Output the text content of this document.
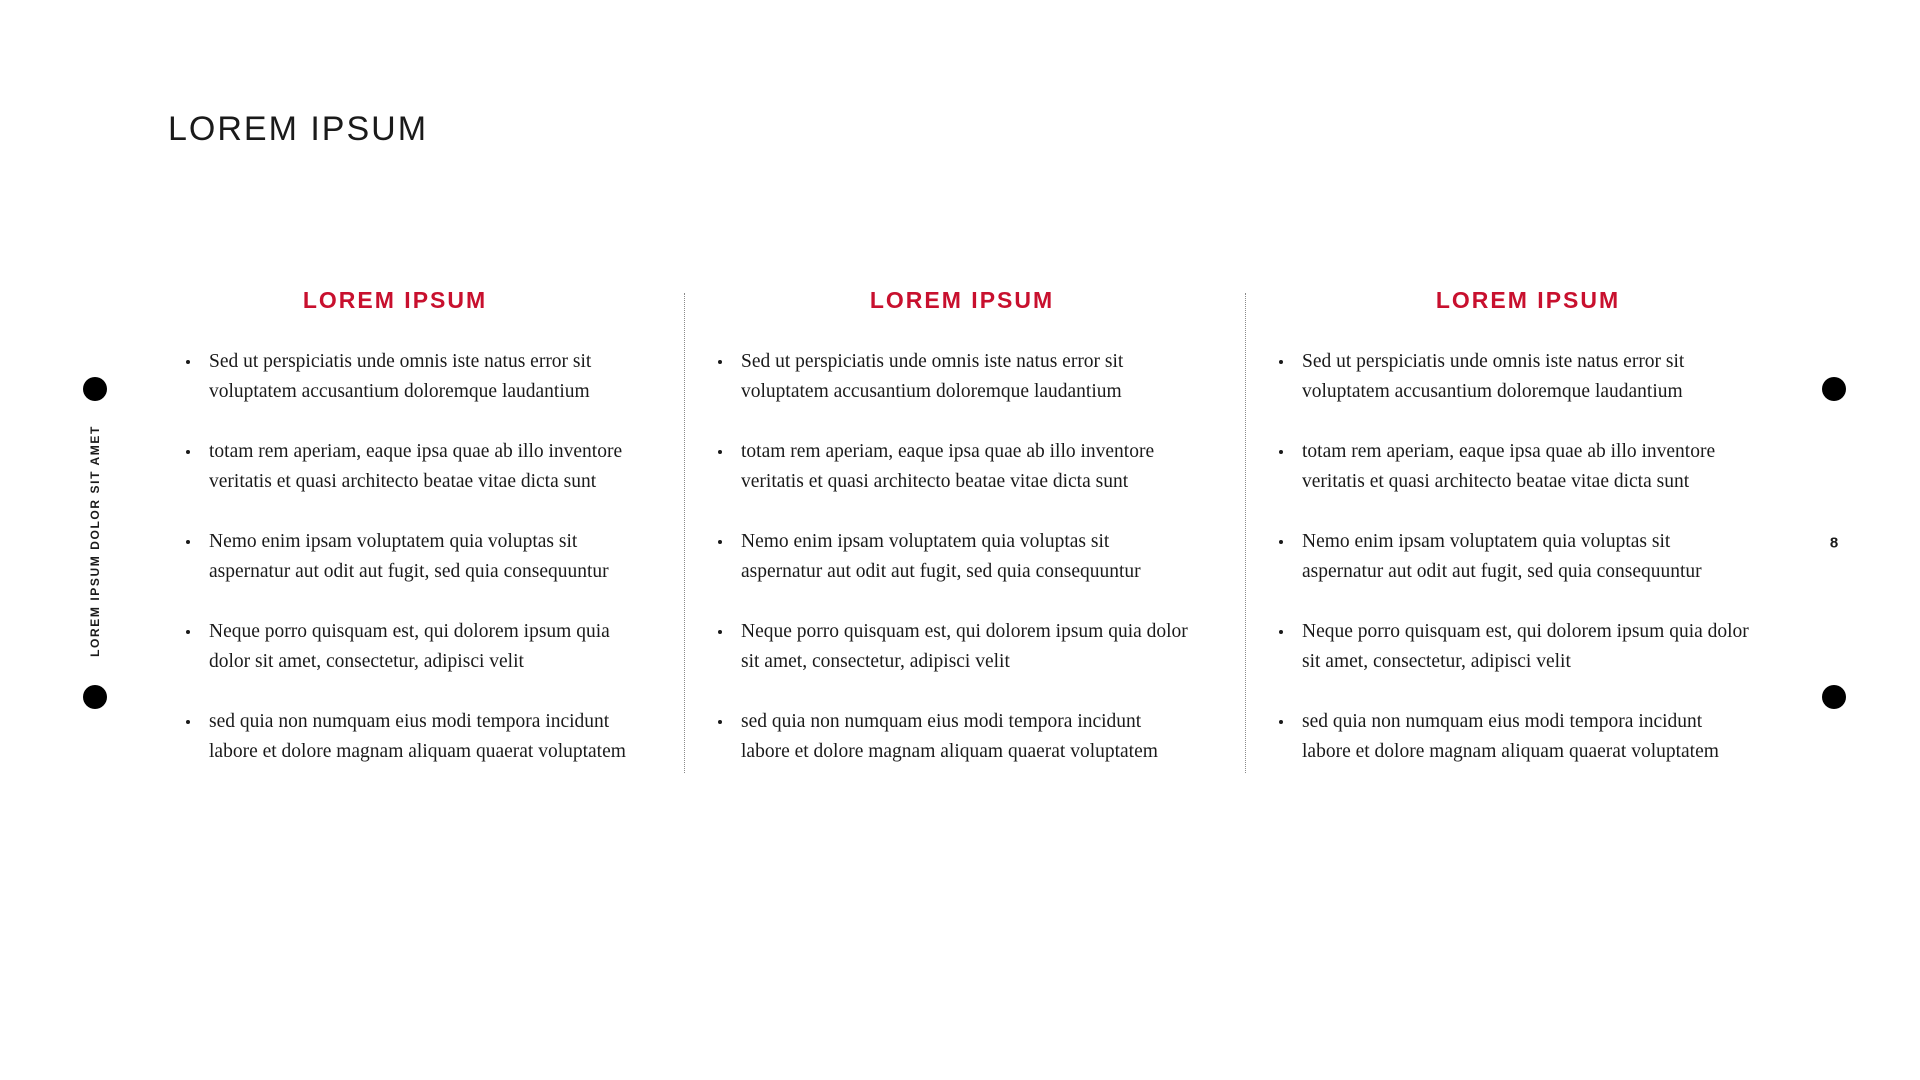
LOREM IPSUM
LOREM IPSUM DOLOR SIT AMET	8
LOREM IPSUM
Sed ut perspiciatis unde omnis iste natus error sit
voluptatem accusantium doloremque laudantium
totam rem aperiam, eaque ipsa quae ab illo inventore
veritatis et quasi architecto beatae vitae dicta sunt
Nemo enim ipsam voluptatem quia voluptas sit
aspernatur aut odit aut fugit, sed quia consequuntur
Neque porro quisquam est, qui dolorem ipsum quia
dolor sit amet, consectetur, adipisci velit
sed quia non numquam eius modi tempora incidunt
labore et dolore magnam aliquam quaerat voluptatem
LOREM IPSUM
Sed ut perspiciatis unde omnis iste natus error sit
voluptatem accusantium doloremque laudantium
totam rem aperiam, eaque ipsa quae ab illo inventore
veritatis et quasi architecto beatae vitae dicta sunt
Nemo enim ipsam voluptatem quia voluptas sit
aspernatur aut odit aut fugit, sed quia consequuntur
Neque porro quisquam est, qui dolorem ipsum quia dolor
sit amet, consectetur, adipisci velit
sed quia non numquam eius modi tempora incidunt
labore et dolore magnam aliquam quaerat voluptatem
LOREM IPSUM
Sed ut perspiciatis unde omnis iste natus error sit
voluptatem accusantium doloremque laudantium
totam rem aperiam, eaque ipsa quae ab illo inventore
veritatis et quasi architecto beatae vitae dicta sunt
Nemo enim ipsam voluptatem quia voluptas sit
aspernatur aut odit aut fugit, sed quia consequuntur
Neque porro quisquam est, qui dolorem ipsum quia dolor
sit amet, consectetur, adipisci velit
sed quia non numquam eius modi tempora incidunt
labore et dolore magnam aliquam quaerat voluptatem
